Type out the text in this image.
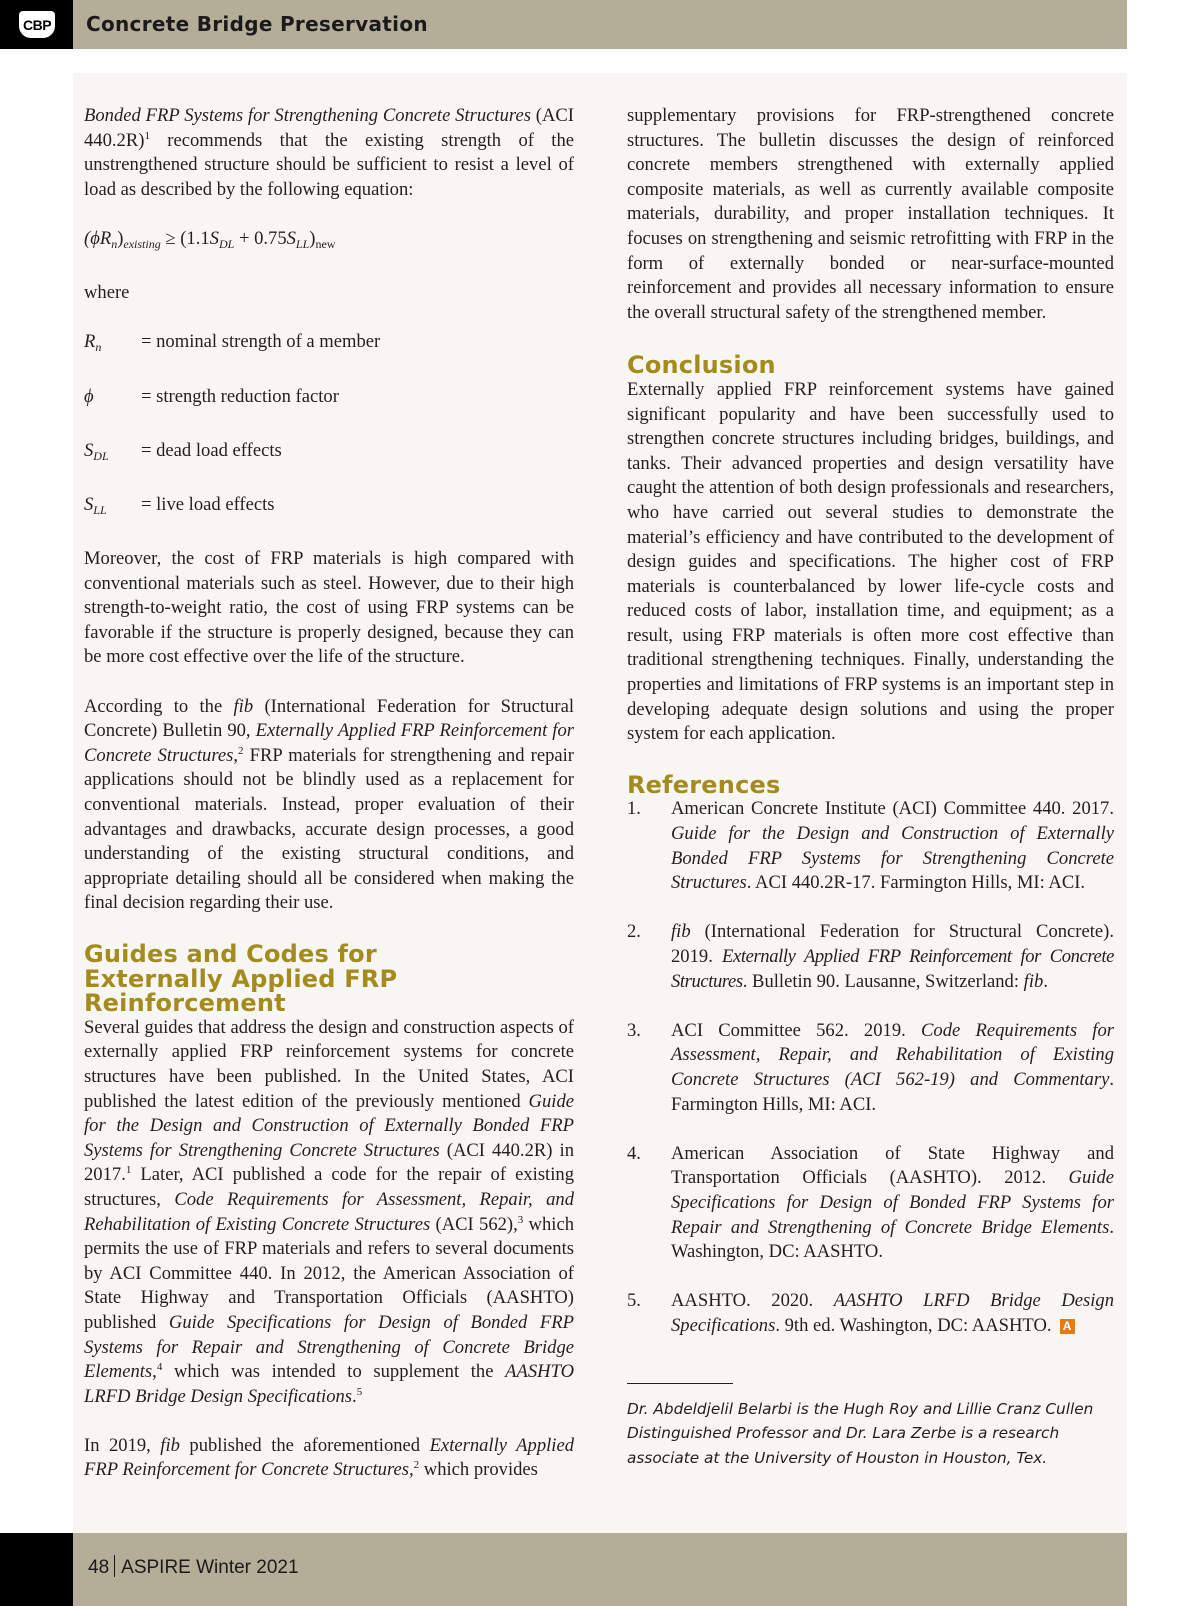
CBP Concrete Bridge Preservation

Bonded FRP Systems for Strengthening Concrete Structures (ACI 440.2R)$^1$ recommends that the existing strength of the unstrengthened structure should be sufficient to resist a level of load as described by the following equation:

$(\phi R_n)_{existing} \ge (1.1S_{DL} + 0.75S_{LL})_{new}$

where

$R_n$	= nominal strength of a member
ϕ	= strength reduction factor
$S_{DL}$	= dead load effects
$S_{LL}$	= live load effects

Moreover, the cost of FRP materials is high compared with conventional materials such as steel. However, due to their high strength-to-weight ratio, the cost of using FRP systems can be favorable if the structure is properly designed, because they can be more cost effective over the life of the structure.

According to the fib (International Federation for Structural Concrete) Bulletin 90, Externally Applied FRP Reinforcement for Concrete Structures,$^2$ FRP materials for strengthening and repair applications should not be blindly used as a replacement for conventional materials. Instead, proper evaluation of their advantages and drawbacks, accurate design processes, a good understanding of the existing structural conditions, and appropriate detailing should all be considered when making the final decision regarding their use.

Guides and Codes for
Externally Applied FRP
Reinforcement

Several guides that address the design and construction aspects of externally applied FRP reinforcement systems for concrete structures have been published. In the United States, ACI published the latest edition of the previously mentioned Guide for the Design and Construction of Externally Bonded FRP Systems for Strengthening Concrete Structures (ACI 440.2R) in 2017.$^1$ Later, ACI published a code for the repair of existing structures, Code Requirements for Assessment, Repair, and Rehabilitation of Existing Concrete Structures (ACI 562),$^3$ which permits the use of FRP materials and refers to several documents by ACI Committee 440. In 2012, the American Association of State Highway and Transportation Officials (AASHTO) published Guide Specifications for Design of Bonded FRP Systems for Repair and Strengthening of Concrete Bridge Elements,$^4$ which was intended to supplement the AASHTO LRFD Bridge Design Specifications.$^5$

In 2019, fib published the aforementioned Externally Applied FRP Reinforcement for Concrete Structures,$^2$ which provides

supplementary provisions for FRP-strengthened concrete structures. The bulletin discusses the design of reinforced concrete members strengthened with externally applied composite materials, as well as currently available composite materials, durability, and proper installation techniques. It focuses on strengthening and seismic retrofitting with FRP in the form of externally bonded or near-surface-mounted reinforcement and provides all necessary information to ensure the overall structural safety of the strengthened member.

Conclusion

Externally applied FRP reinforcement systems have gained significant popularity and have been successfully used to strengthen concrete structures including bridges, buildings, and tanks. Their advanced properties and design versatility have caught the attention of both design professionals and researchers, who have carried out several studies to demonstrate the material’s efficiency and have contributed to the development of design guides and specifications. The higher cost of FRP materials is counterbalanced by lower life-cycle costs and reduced costs of labor, installation time, and equipment; as a result, using FRP materials is often more cost effective than traditional strengthening techniques. Finally, understanding the properties and limitations of FRP systems is an important step in developing adequate design solutions and using the proper system for each application.

References
1.	American Concrete Institute (ACI) Committee 440. 2017. Guide for the Design and Construction of Externally Bonded FRP Systems for Strengthening Concrete Structures. ACI 440.2R-17. Farmington Hills, MI: ACI.
2.	fib (International Federation for Structural Concrete). 2019. Externally Applied FRP Reinforcement for Concrete Structures. Bulletin 90. Lausanne, Switzerland: fib.
3.	ACI Committee 562. 2019. Code Requirements for Assessment, Repair, and Rehabilitation of Existing Concrete Structures (ACI 562-19) and Commentary. Farmington Hills, MI: ACI.
4.	American Association of State Highway and Transportation Officials (AASHTO). 2012. Guide Specifications for Design of Bonded FRP Systems for Repair and Strengthening of Concrete Bridge Elements. Washington, DC: AASHTO.
5.	AASHTO. 2020. AASHTO LRFD Bridge Design Specifications. 9th ed. Washington, DC: AASHTO. A

Dr. Abdeldjelil Belarbi is the Hugh Roy and Lillie Cranz Cullen Distinguished Professor and Dr. Lara Zerbe is a research associate at the University of Houston in Houston, Tex.

48 ASPIRE Winter 2021
